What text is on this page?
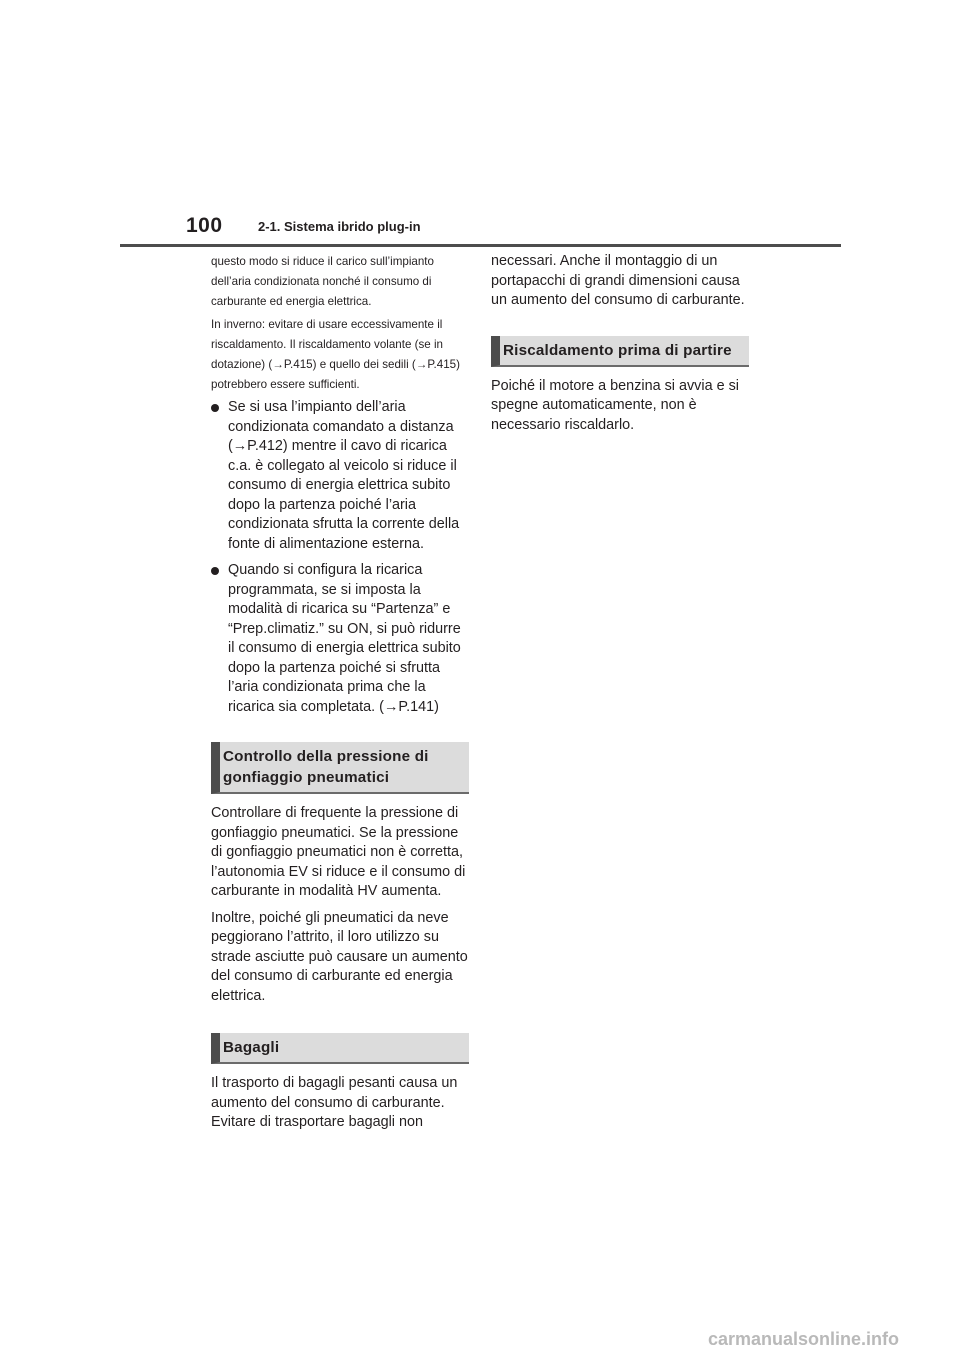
100	2-1. Sistema ibrido plug-in

questo modo si riduce il carico sull’impianto dell’aria condizionata nonché il consumo di carburante ed energia elettrica.

In inverno: evitare di usare eccessivamente il riscaldamento. Il riscaldamento volante (se in dotazione) (→P.415) e quello dei sedili (→P.415) potrebbero essere sufficienti.

Se si usa l’impianto dell’aria condizionata comandato a distanza (→P.412) mentre il cavo di ricarica c.a. è collegato al veicolo si riduce il consumo di energia elettrica subito dopo la partenza poiché l’aria condizionata sfrutta la corrente della fonte di alimentazione esterna.
Quando si configura la ricarica programmata, se si imposta la modalità di ricarica su “Partenza” e “Prep.climatiz.” su ON, si può ridurre il consumo di energia elettrica subito dopo la partenza poiché si sfrutta l’aria condizionata prima che la ricarica sia completata. (→P.141)
Controllo della pressione di gonfiaggio pneumatici

Controllare di frequente la pressione di gonfiaggio pneumatici. Se la pressione di gonfiaggio pneumatici non è corretta, l’autonomia EV si riduce e il consumo di carburante in modalità HV aumenta.

Inoltre, poiché gli pneumatici da neve peggiorano l’attrito, il loro utilizzo su strade asciutte può causare un aumento del consumo di carburante ed energia elettrica.

Bagagli

Il trasporto di bagagli pesanti causa un aumento del consumo di carburante. Evitare di trasportare bagagli non

necessari. Anche il montaggio di un portapacchi di grandi dimensioni causa un aumento del consumo di carburante.

Riscaldamento prima di partire

Poiché il motore a benzina si avvia e si spegne automaticamente, non è necessario riscaldarlo.

carmanualsonline.info
